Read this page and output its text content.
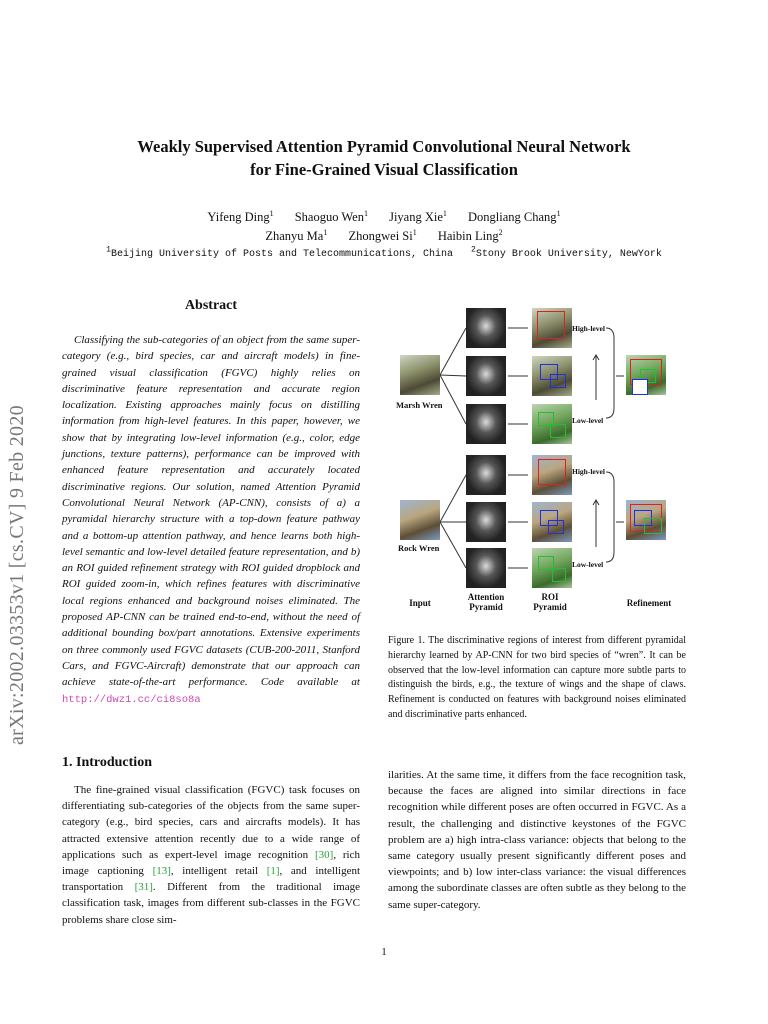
Weakly Supervised Attention Pyramid Convolutional Neural Network
for Fine-Grained Visual Classification
Yifeng Ding$^1$ Shaoguo Wen$^1$ Jiyang Xie$^1$ Dongliang Chang$^1$
Zhanyu Ma$^1$ Zhongwei Si$^1$ Haibin Ling$^2$
$^1$Beijing University of Posts and Telecommunications, China $^2$Stony Brook University, NewYork
arXiv:2002.03353v1 [cs.CV] 9 Feb 2020
Abstract
Classifying the sub-categories of an object from the same super-category (e.g., bird species, car and aircraft models) in fine-grained visual classification (FGVC) highly relies on discriminative feature representation and accurate region localization. Existing approaches mainly focus on distilling information from high-level features. In this paper, however, we show that by integrating low-level information (e.g., color, edge junctions, texture patterns), performance can be improved with enhanced feature representation and accurately located discriminative regions. Our solution, named Attention Pyramid Convolutional Neural Network (AP-CNN), consists of a) a pyramidal hierarchy structure with a top-down feature pathway and a bottom-up attention pathway, and hence learns both high-level semantic and low-level detailed feature representation, and b) an ROI guided refinement strategy with ROI guided dropblock and ROI guided zoom-in, which refines features with discriminative local regions enhanced and background noises eliminated. The proposed AP-CNN can be trained end-to-end, without the need of additional bounding box/part annotations. Extensive experiments on three commonly used FGVC datasets (CUB-200-2011, Stanford Cars, and FGVC-Aircraft) demonstrate that our approach can achieve state-of-the-art performance. Code available at http://dwz1.cc/ci8so8a
1. Introduction
The fine-grained visual classification (FGVC) task focuses on differentiating sub-categories of the objects from the same super-category (e.g., bird species, cars and aircrafts models). It has attracted extensive attention recently due to a wide range of applications such as expert-level image recognition [30], rich image captioning [13], intelligent retail [1], and intelligent transportation [31]. Different from the traditional image classification task, images from different sub-classes in the FGVC problems share close sim-
ilarities. At the same time, it differs from the face recognition task, because the faces are aligned into similar directions in face recognition while different poses are often occurred in FGVC. As a result, the challenging and distinctive keystones of the FGVC problem are a) high intra-class variance: objects that belong to the same category usually present significantly different poses and viewpoints; and b) low inter-class variance: the visual differences among the subordinate classes are often subtle as they belong to the same super-category.
Figure 1. The discriminative regions of interest from different pyramidal hierarchy learned by AP-CNN for two bird species of “wren”. It can be observed that the low-level information can capture more subtle parts to distinguish the birds, e.g., the texture of wings and the shape of claws. Refinement is conducted on features with background noises eliminated and discriminative parts enhanced.
Marsh Wren
Rock Wren
High-level
Low-level
High-level
Low-level
Input
Attention
Pyramid
ROI
Pyramid	Refinement
1
